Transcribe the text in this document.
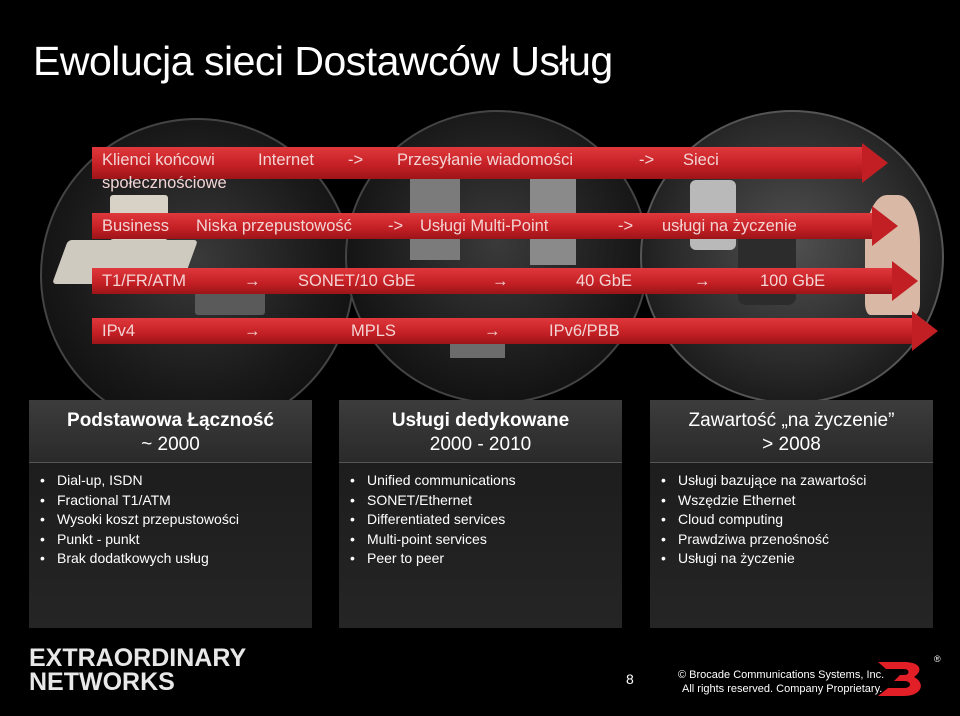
Ewolucja sieci Dostawców Usług
Klienci końcowi	Internet -> Przesyłanie wiadomości	-> Sieci
społecznościowe
Business Niska przepustowość -> Usługi Multi-Point	-> usługi na życzenie
T1/FR/ATM	→ SONET/10 GbE	→	40 GbE	→	100 GbE
IPv4	→	MPLS	→	IPv6/PBB
Podstawowa Łączność
~ 2000
• Dial-up, ISDN
• Fractional T1/ATM
• Wysoki koszt przepustowości
• Punkt - punkt
• Brak dodatkowych usług
Usługi dedykowane
2000 - 2010
• Unified communications
• SONET/Ethernet
• Differentiated services
• Multi-point services
• Peer to peer
Zawartość „na życzenie”
> 2008
• Usługi bazujące na zawartości
• Wszędzie Ethernet
• Cloud computing
• Prawdziwa przenośność
• Usługi na życzenie
EXTRAORDINARY
NETWORKS	8	© Brocade Communications Systems, Inc.
All rights reserved. Company Proprietary.
®
